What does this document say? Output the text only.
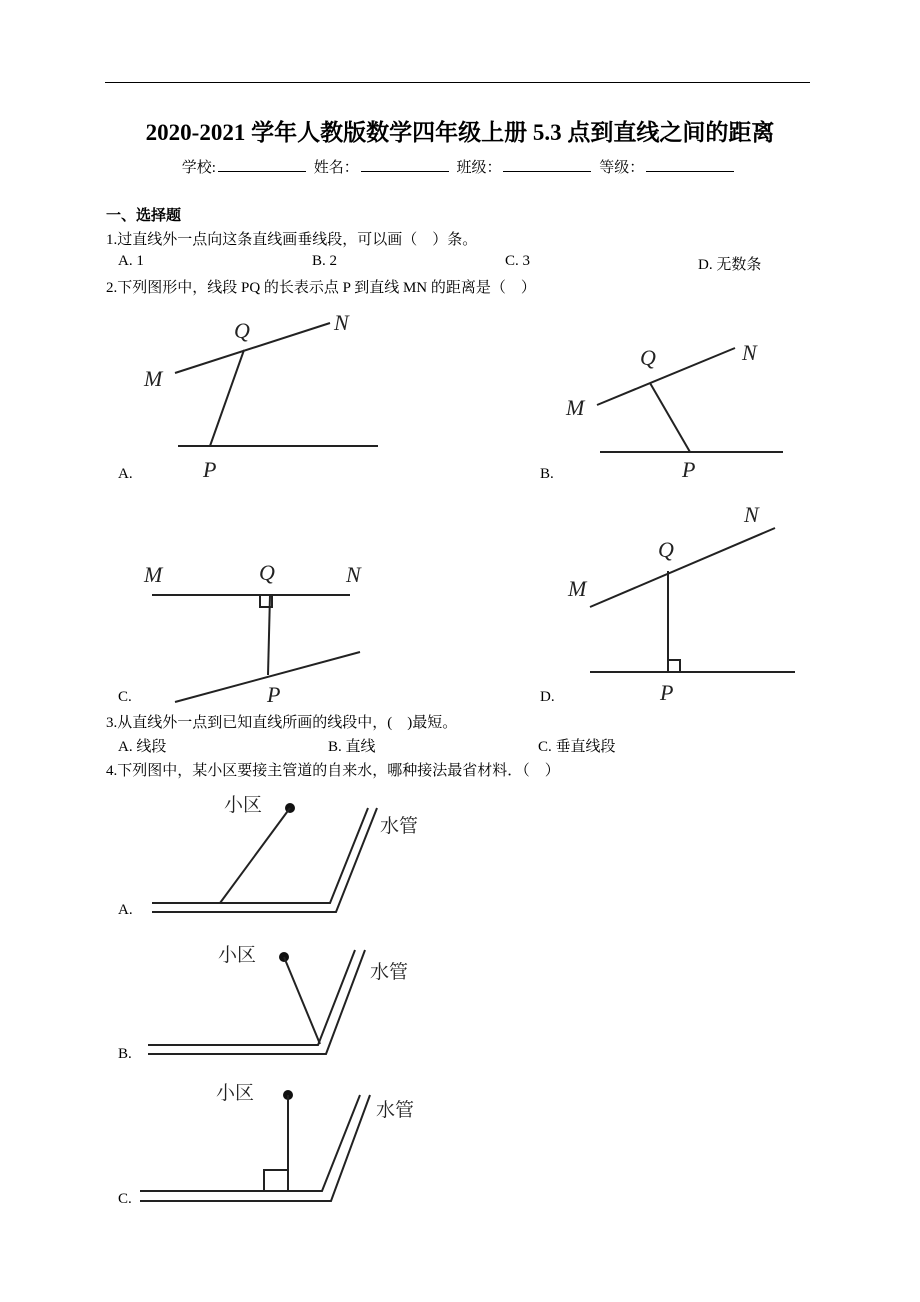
2020-2021 学年人教版数学四年级上册 5.3 点到直线之间的距离
学校:	姓名：	班级：	等级：
一、选择题
1.过直线外一点向这条直线画垂线段，可以画（　）条。
A. 1	B. 2	C. 3	D. 无数条
2.下列图形中，线段 PQ 的长表示点 P 到直线 MN 的距离是（　）
A.	B.
C.	D.
3.从直线外一点到已知直线所画的线段中，(　)最短。
A. 线段	B. 直线	C. 垂直线段
4.下列图中，某小区要接主管道的自来水，哪种接法最省材料．（　）
A.
B.
C.
M
Q	N
P
M
Q	N
P
M	Q	N
P
M
Q
N
P
小区
水管
小区
水管
小区
水管
